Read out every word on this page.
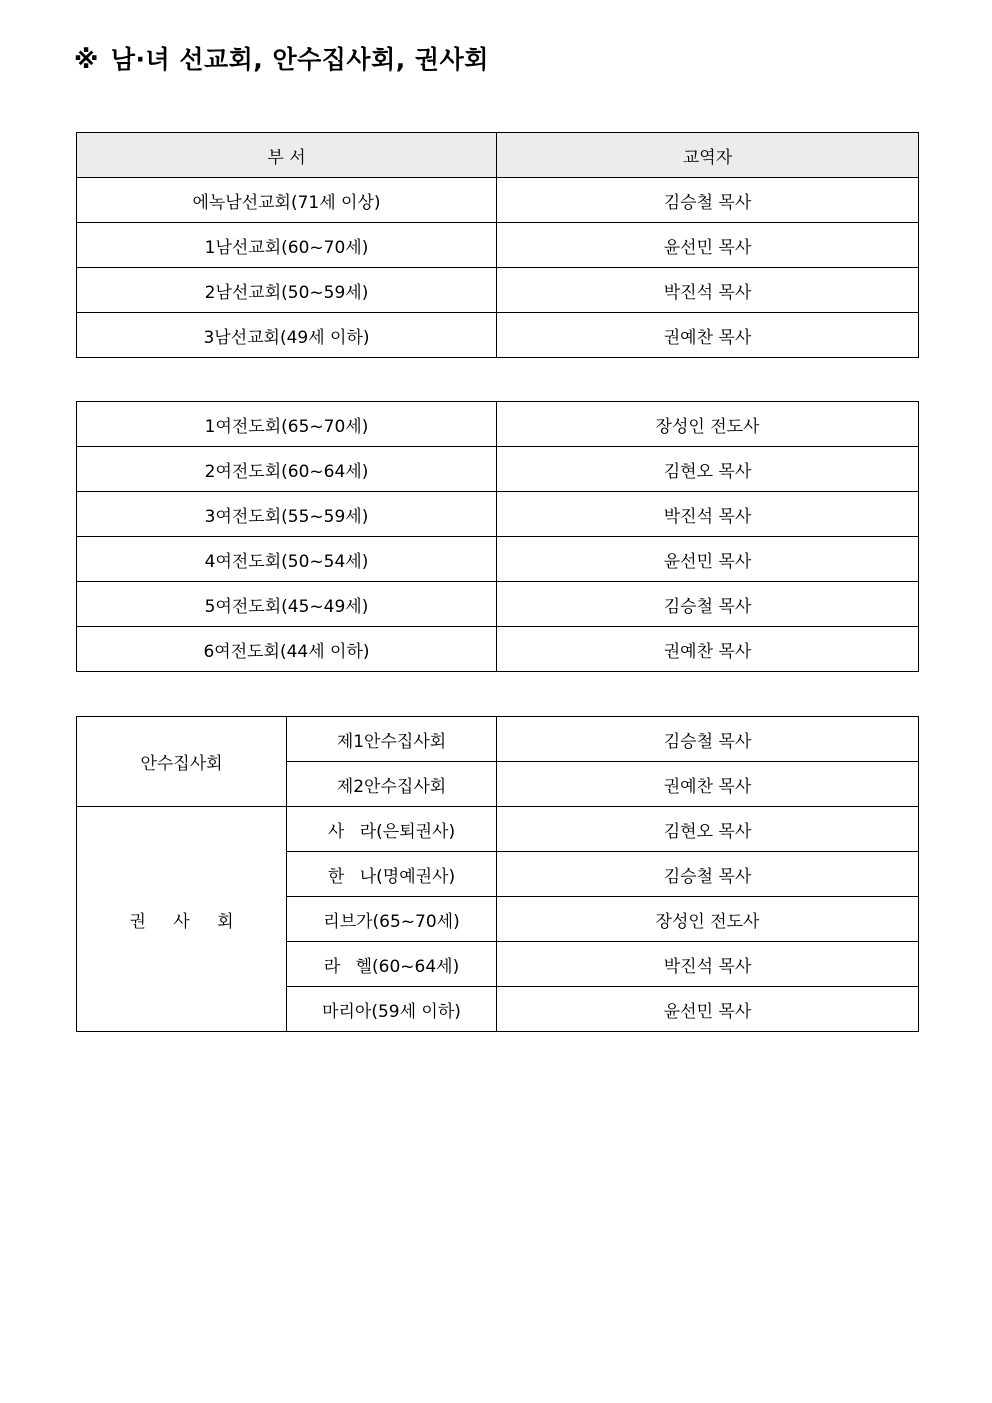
※ 남·녀 선교회, 안수집사회, 권사회
부 서	교역자
에녹남선교회(71세 이상)	김승철 목사
1남선교회(60~70세)	윤선민 목사
2남선교회(50~59세)	박진석 목사
3남선교회(49세 이하)	권예찬 목사
1여전도회(65~70세)	장성인 전도사
2여전도회(60~64세)	김현오 목사
3여전도회(55~59세)	박진석 목사
4여전도회(50~54세)	윤선민 목사
5여전도회(45~49세)	김승철 목사
6여전도회(44세 이하)	권예찬 목사
안수집사회	제1안수집사회	김승철 목사
	제2안수집사회	권예찬 목사
권 사 회	사 라(은퇴권사)	김현오 목사
	한 나(명예권사)	김승철 목사
	리브가(65~70세)	장성인 전도사
	라 헬(60~64세)	박진석 목사
	마리아(59세 이하)	윤선민 목사
